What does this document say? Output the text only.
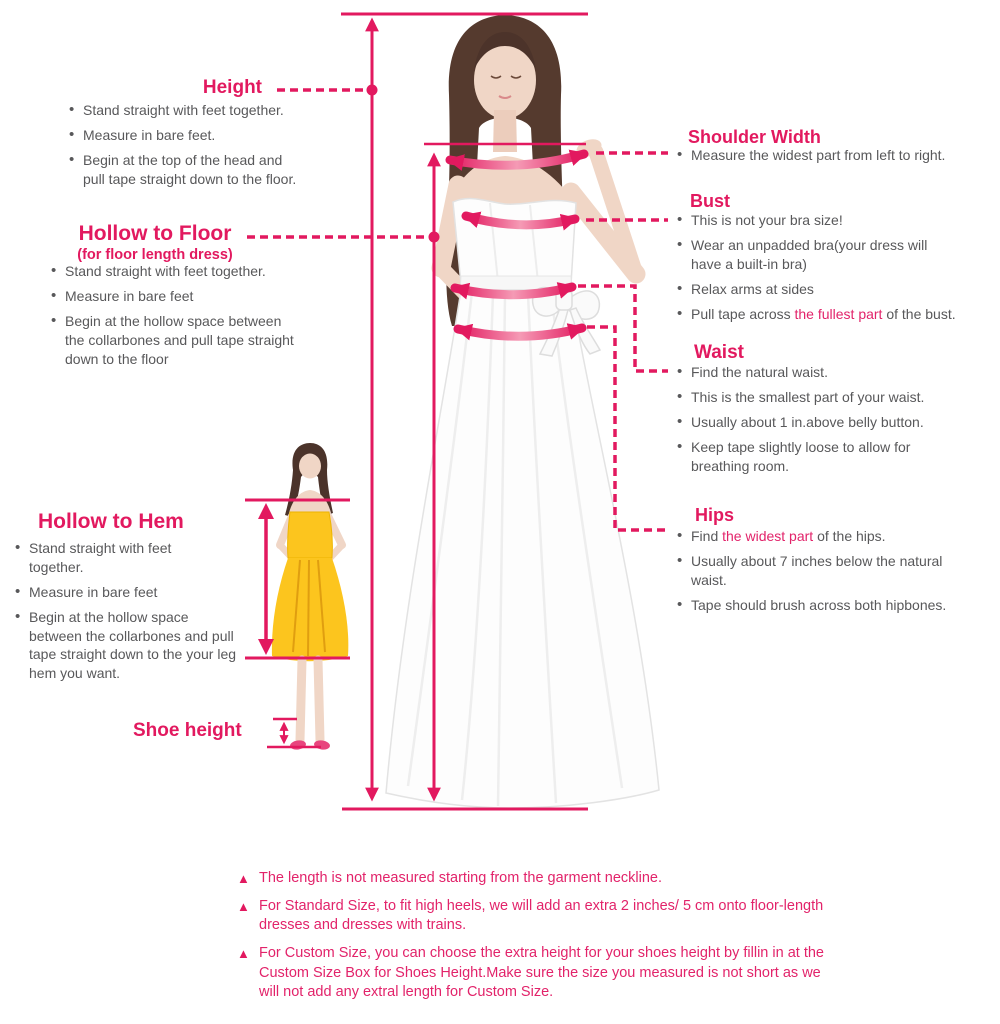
Height
• Stand straight with feet together.
• Measure in bare feet.
• Begin at the top of the head and pull tape straight down to the floor.
Hollow to Floor
(for floor length dress)
• Stand straight with feet together.
• Measure in bare feet
• Begin at the hollow space between the collarbones and pull tape straight down to the floor
Hollow to Hem
• Stand straight with feet together.
• Measure in bare feet
• Begin at the hollow space between the collarbones and pull tape straight down to the your leg hem you want.
Shoe height
Shoulder Width
• Measure the widest part from left to right.
Bust
• This is not your bra size!
• Wear an unpadded bra(your dress will have a built-in bra)
• Relax arms at sides
• Pull tape across the fullest part of the bust.
Waist
• Find the natural waist.
• This is the smallest part of your waist.
• Usually about 1 in.above belly button.
• Keep tape slightly loose to allow for breathing room.
Hips
• Find the widest part of the hips.
• Usually about 7 inches below the natural waist.
• Tape should brush across both hipbones.
▲ The length is not measured starting from the garment neckline.
▲ For Standard Size, to fit high heels, we will add an extra 2 inches/ 5 cm onto floor-length dresses and dresses with trains.
▲ For Custom Size, you can choose the extra height for your shoes height by fillin in at the Custom Size Box for Shoes Height.Make sure the size you measured is not short as we will not add any extral length for Custom Size.
